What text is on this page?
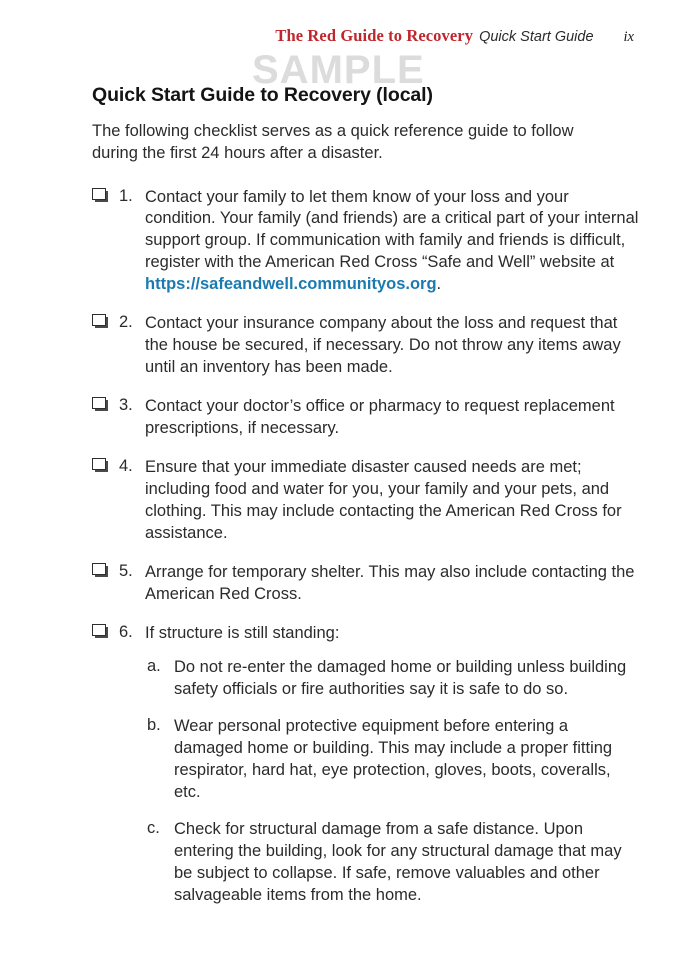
The Red Guide to Recovery Quick Start Guide ix
SAMPLE
Quick Start Guide to Recovery (local)

The following checklist serves as a quick reference guide to follow during the first 24 hours after a disaster.

1. Contact your family to let them know of your loss and your condition. Your family (and friends) are a critical part of your internal support group. If communication with family and friends is difficult, register with the American Red Cross “Safe and Well” website at https://safeandwell.communityos.org.
2. Contact your insurance company about the loss and request that the house be secured, if necessary. Do not throw any items away until an inventory has been made.
3. Contact your doctor’s office or pharmacy to request replacement prescriptions, if necessary.
4. Ensure that your immediate disaster caused needs are met; including food and water for you, your family and your pets, and clothing. This may include contacting the American Red Cross for assistance.
5. Arrange for temporary shelter. This may also include contacting the American Red Cross.
6. If structure is still standing:
a. Do not re-enter the damaged home or building unless building safety officials or fire authorities say it is safe to do so.
b. Wear personal protective equipment before entering a damaged home or building. This may include a proper fitting respirator, hard hat, eye protection, gloves, boots, coveralls, etc.
c. Check for structural damage from a safe distance. Upon entering the building, look for any structural damage that may be subject to collapse. If safe, remove valuables and other salvageable items from the home.
